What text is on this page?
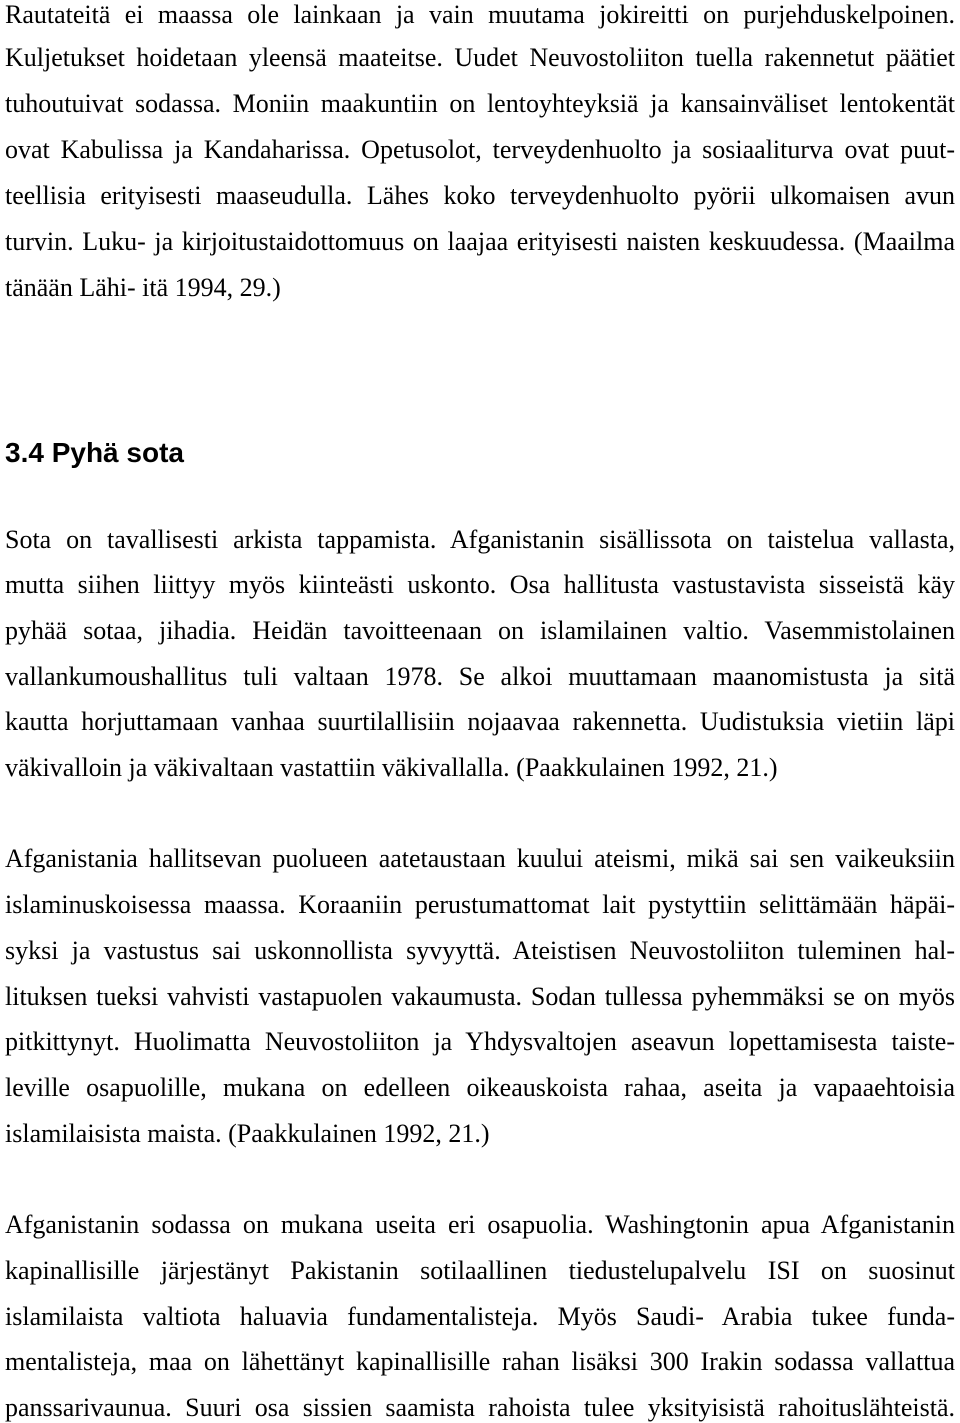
Rautateitä ei maassa ole lainkaan ja vain muutama jokireitti on purjehduskelpoinen.
Kuljetukset hoidetaan yleensä maateitse. Uudet Neuvostoliiton tuella rakennetut päätiet
tuhoutuivat sodassa. Moniin maakuntiin on lentoyhteyksiä ja kansainväliset lentokentät
ovat Kabulissa ja Kandaharissa. Opetusolot, terveydenhuolto ja sosiaaliturva ovat puut-
teellisia erityisesti maaseudulla. Lähes koko terveydenhuolto pyörii ulkomaisen avun
turvin. Luku- ja kirjoitustaidottomuus on laajaa erityisesti naisten keskuudessa. (Maailma
tänään Lähi- itä 1994, 29.)
3.4 Pyhä sota
Sota on tavallisesti arkista tappamista. Afganistanin sisällissota on taistelua vallasta,
mutta siihen liittyy myös kiinteästi uskonto. Osa hallitusta vastustavista sisseistä käy
pyhää sotaa, jihadia. Heidän tavoitteenaan on islamilainen valtio. Vasemmistolainen
vallankumoushallitus tuli valtaan 1978. Se alkoi muuttamaan maanomistusta ja sitä
kautta horjuttamaan vanhaa suurtilallisiin nojaavaa rakennetta. Uudistuksia vietiin läpi
väkivalloin ja väkivaltaan vastattiin väkivallalla. (Paakkulainen 1992, 21.)
Afganistania hallitsevan puolueen aatetaustaan kuului ateismi, mikä sai sen vaikeuksiin
islaminuskoisessa maassa. Koraaniin perustumattomat lait pystyttiin selittämään häpäi-
syksi ja vastustus sai uskonnollista syvyyttä. Ateistisen Neuvostoliiton tuleminen hal-
lituksen tueksi vahvisti vastapuolen vakaumusta. Sodan tullessa pyhemmäksi se on myös
pitkittynyt. Huolimatta Neuvostoliiton ja Yhdysvaltojen aseavun lopettamisesta taiste-
leville osapuolille, mukana on edelleen oikeauskoista rahaa, aseita ja vapaaehtoisia
islamilaisista maista. (Paakkulainen 1992, 21.)
Afganistanin sodassa on mukana useita eri osapuolia. Washingtonin apua Afganistanin
kapinallisille järjestänyt Pakistanin sotilaallinen tiedustelupalvelu ISI on suosinut
islamilaista valtiota haluavia fundamentalisteja. Myös Saudi- Arabia tukee funda-
mentalisteja, maa on lähettänyt kapinallisille rahan lisäksi 300 Irakin sodassa vallattua
panssarivaunua. Suuri osa sissien saamista rahoista tulee yksityisistä rahoituslähteistä.
